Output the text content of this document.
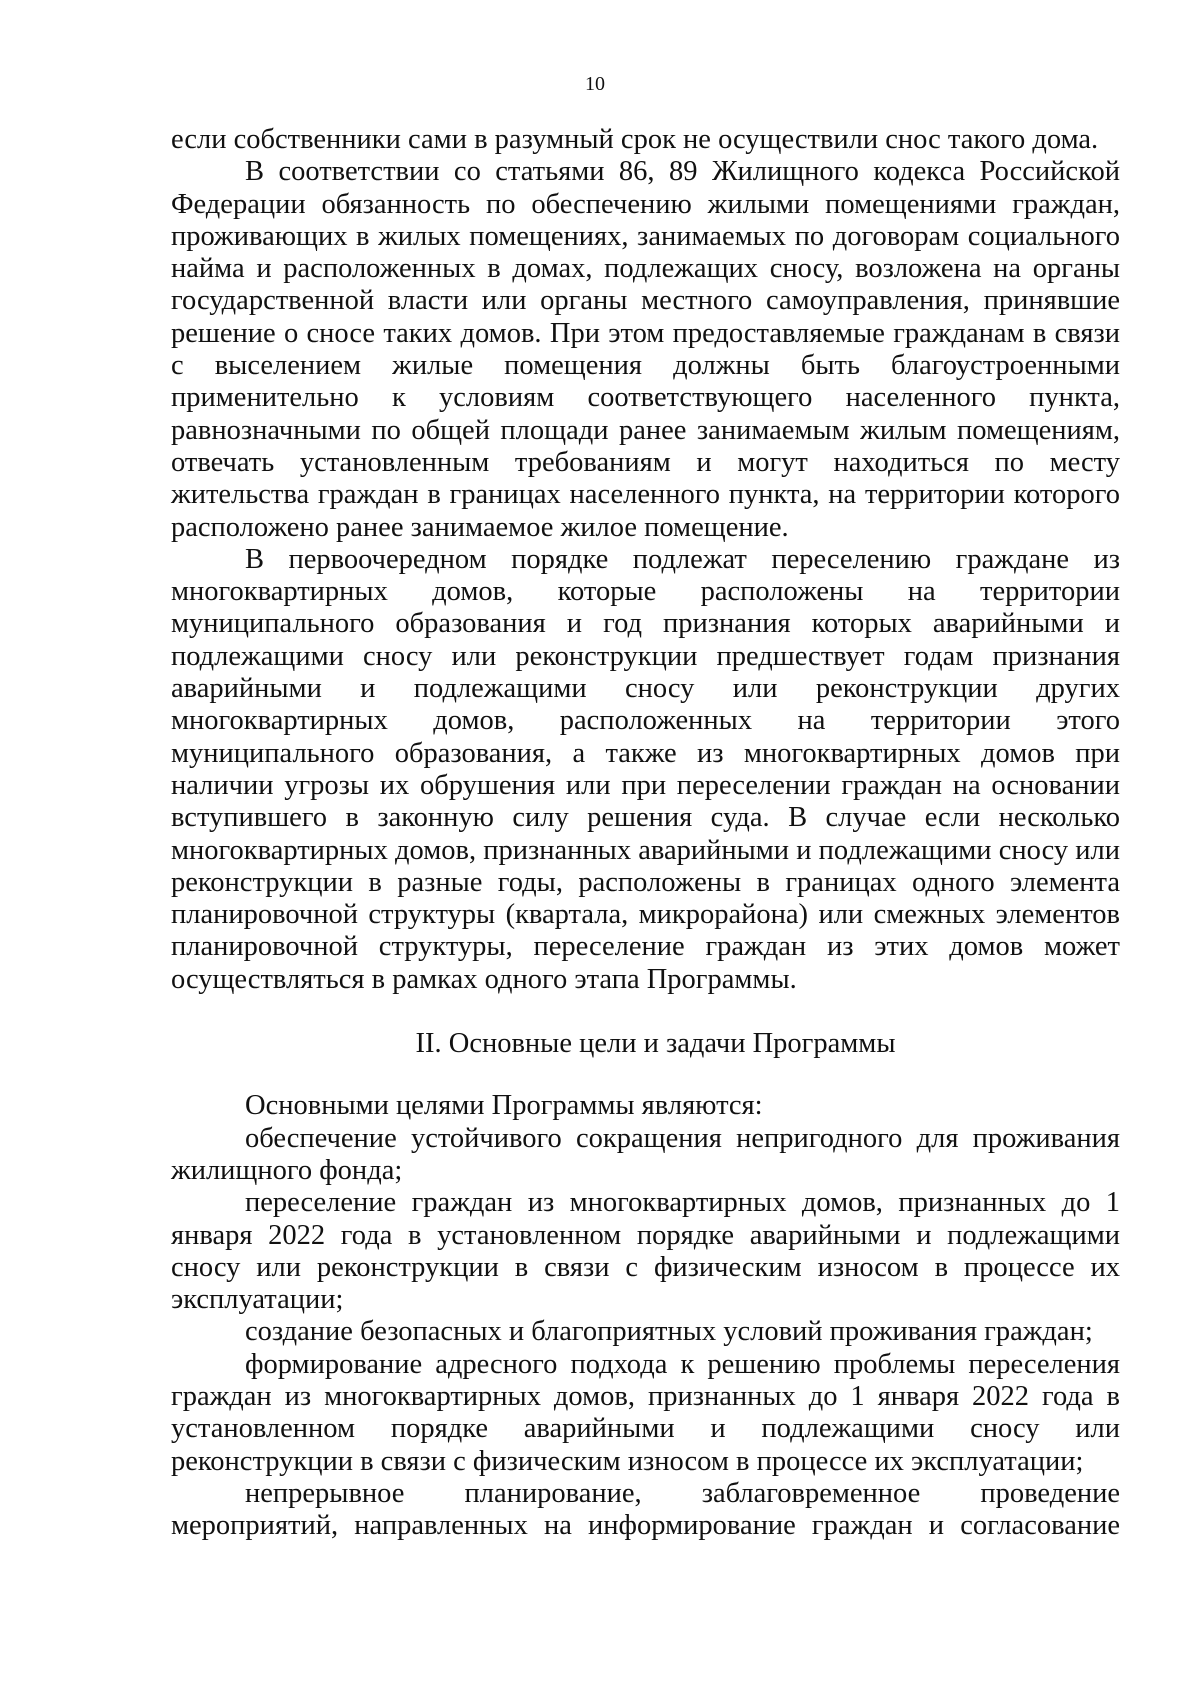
10

если собственники сами в разумный срок не осуществили снос такого дома.

В соответствии со статьями 86, 89 Жилищного кодекса Российской Федерации обязанность по обеспечению жилыми помещениями граждан, проживающих в жилых помещениях, занимаемых по договорам социального найма и расположенных в домах, подлежащих сносу, возложена на органы государственной власти или органы местного самоуправления, принявшие решение о сносе таких домов. При этом предоставляемые гражданам в связи с выселением жилые помещения должны быть благоустроенными применительно к условиям соответствующего населенного пункта, равнозначными по общей площади ранее занимаемым жилым помещениям, отвечать установленным требованиям и могут находиться по месту жительства граждан в границах населенного пункта, на территории которого расположено ранее занимаемое жилое помещение.

В первоочередном порядке подлежат переселению граждане из многоквартирных домов, которые расположены на территории муниципального образования и год признания которых аварийными и подлежащими сносу или реконструкции предшествует годам признания аварийными и подлежащими сносу или реконструкции других многоквартирных домов, расположенных на территории этого муниципального образования, а также из многоквартирных домов при наличии угрозы их обрушения или при переселении граждан на основании вступившего в законную силу решения суда. В случае если несколько многоквартирных домов, признанных аварийными и подлежащими сносу или реконструкции в разные годы, расположены в границах одного элемента планировочной структуры (квартала, микрорайона) или смежных элементов планировочной структуры, переселение граждан из этих домов может осуществляться в рамках одного этапа Программы.

II. Основные цели и задачи Программы

Основными целями Программы являются:

обеспечение устойчивого сокращения непригодного для проживания жилищного фонда;

переселение граждан из многоквартирных домов, признанных до 1 января 2022 года в установленном порядке аварийными и подлежащими сносу или реконструкции в связи с физическим износом в процессе их эксплуатации;

создание безопасных и благоприятных условий проживания граждан;

формирование адресного подхода к решению проблемы переселения граждан из многоквартирных домов, признанных до 1 января 2022 года в установленном порядке аварийными и подлежащими сносу или реконструкции в связи с физическим износом в процессе их эксплуатации;

непрерывное планирование, заблаговременное проведение мероприятий, направленных на информирование граждан и согласование
